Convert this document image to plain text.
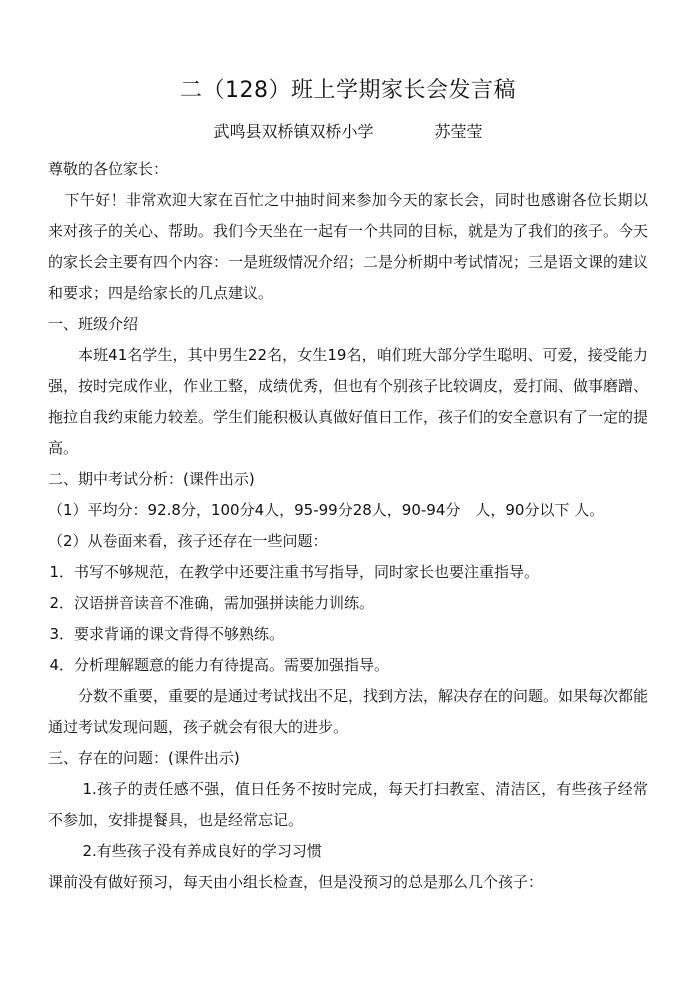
二（128）班上学期家长会发言稿
武鸣县双桥镇双桥小学            苏莹莹

尊敬的各位家长：

下午好！非常欢迎大家在百忙之中抽时间来参加今天的家长会，同时也感谢各位长期以来对孩子的关心、帮助。我们今天坐在一起有一个共同的目标，就是为了我们的孩子。今天的家长会主要有四个内容：一是班级情况介绍；二是分析期中考试情况；三是语文课的建议和要求；四是给家长的几点建议。

一、班级介绍

本班41名学生，其中男生22名，女生19名，咱们班大部分学生聪明、可爱，接受能力强，按时完成作业，作业工整，成绩优秀，但也有个别孩子比较调皮，爱打闹、做事磨蹭、拖拉自我约束能力较差。学生们能积极认真做好值日工作，孩子们的安全意识有了一定的提高。

二、期中考试分析：(课件出示)

（1）平均分：92.8分，100分4人，95-99分28人，90-94分　人，90分以下 人。

（2）从卷面来看，孩子还存在一些问题：

1．书写不够规范，在教学中还要注重书写指导，同时家长也要注重指导。

2．汉语拼音读音不准确，需加强拼读能力训练。

3．要求背诵的课文背得不够熟练。

4．分析理解题意的能力有待提高。需要加强指导。

分数不重要，重要的是通过考试找出不足，找到方法，解决存在的问题。如果每次都能通过考试发现问题，孩子就会有很大的进步。

三、存在的问题：(课件出示)

1.孩子的责任感不强，值日任务不按时完成，每天打扫教室、清洁区，有些孩子经常不参加，安排提餐具，也是经常忘记。

2.有些孩子没有养成良好的学习习惯

课前没有做好预习，每天由小组长检查，但是没预习的总是那么几个孩子：
